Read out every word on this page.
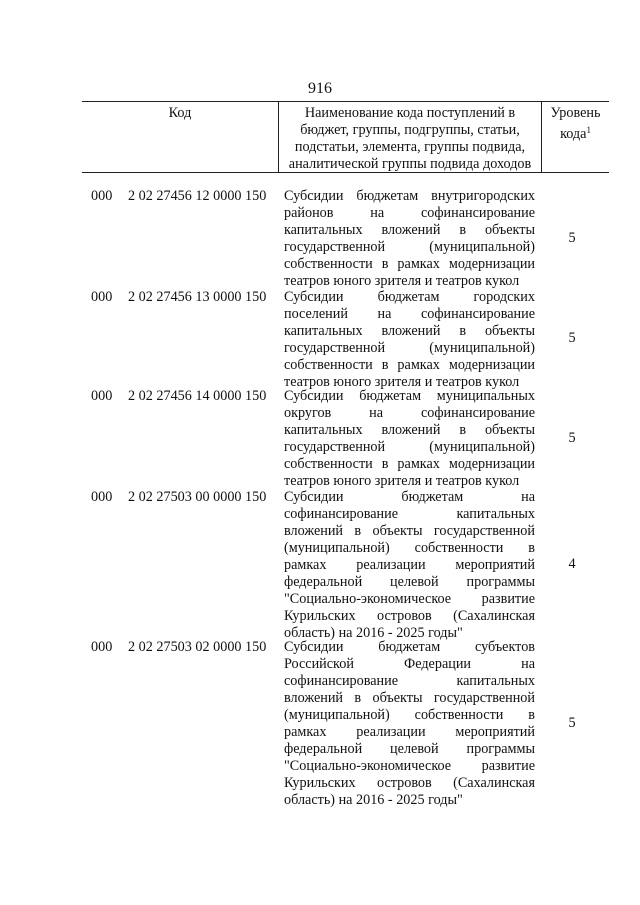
916
Код	Наименование кода поступлений в бюджет, группы, подгруппы, статьи, подстатьи, элемента, группы подвида, аналитической группы подвида доходов
Уровень кода$^1$
000 2 02 27456 12 0000 150 Субсидии бюджетам внутригородских районов на софинансирование капитальных вложений в объекты государственной (муниципальной) собственности в рамках модернизации театров юного зрителя и театров кукол
5
000 2 02 27456 13 0000 150 Субсидии бюджетам городских поселений на софинансирование капитальных вложений в объекты государственной (муниципальной) собственности в рамках модернизации театров юного зрителя и театров кукол
5
000 2 02 27456 14 0000 150 Субсидии бюджетам муниципальных округов на софинансирование капитальных вложений в объекты государственной (муниципальной) собственности в рамках модернизации театров юного зрителя и театров кукол
5
000 2 02 27503 00 0000 150 Субсидии бюджетам на софинансирование капитальных вложений в объекты государственной (муниципальной) собственности в рамках реализации мероприятий федеральной целевой программы "Социально-экономическое развитие Курильских островов (Сахалинская область) на 2016 - 2025 годы"
4
000 2 02 27503 02 0000 150 Субсидии бюджетам субъектов Российской Федерации на софинансирование капитальных вложений в объекты государственной (муниципальной) собственности в рамках реализации мероприятий федеральной целевой программы "Социально-экономическое развитие Курильских островов (Сахалинская область) на 2016 - 2025 годы"
5
